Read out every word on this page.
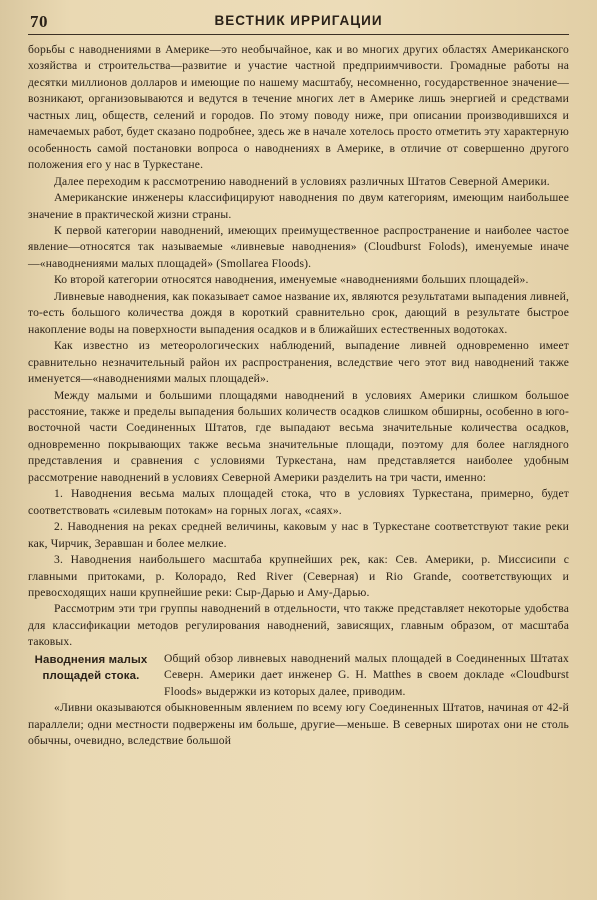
70	ВЕСТНИК ИРРИГАЦИИ

борьбы с наводнениями в Америке—это необычайное, как и во многих других областях Американского хозяйства и строительства—развитие и участие частной предприимчивости. Громадные работы на десятки миллионов долларов и имеющие по нашему масштабу, несомненно, государственное значение—возникают, организовываются и ведутся в течение многих лет в Америке лишь энергией и средствами частных лиц, обществ, селений и городов. По этому поводу ниже, при описании производившихся и намечаемых работ, будет сказано подробнее, здесь же в начале хотелось просто отметить эту характерную особенность самой постановки вопроса о наводнениях в Америке, в отличие от совершенно другого положения его у нас в Туркестане.

Далее переходим к рассмотрению наводнений в условиях различных Штатов Северной Америки.

Американские инженеры классифицируют наводнения по двум категориям, имеющим наибольшее значение в практической жизни страны.

К первой категории наводнений, имеющих преимущественное распространение и наиболее частое явление—относятся так называемые «ливневые наводнения» (Cloudburst Folods), именуемые иначе—«наводнениями малых площадей» (Smollarea Floods).

Ко второй категории относятся наводнения, именуемые «наводнениями больших площадей».

Ливневые наводнения, как показывает самое название их, являются результатами выпадения ливней, то-есть большого количества дождя в короткий сравнительно срок, дающий в результате быстрое накопление воды на поверхности выпадения осадков и в ближайших естественных водотоках.

Как известно из метеорологических наблюдений, выпадение ливней одновременно имеет сравнительно незначительный район их распространения, вследствие чего этот вид наводнений также именуется—«наводнениями малых площадей».

Между малыми и большими площадями наводнений в условиях Америки слишком большое расстояние, также и пределы выпадения больших количеств осадков слишком обширны, особенно в юго-восточной части Соединенных Штатов, где выпадают весьма значительные количества осадков, одновременно покрывающих также весьма значительные площади, поэтому для более наглядного представления и сравнения с условиями Туркестана, нам представляется наиболее удобным рассмотрение наводнений в условиях Северной Америки разделить на три части, именно:

1. Наводнения весьма малых площадей стока, что в условиях Туркестана, примерно, будет соответствовать «силевым потокам» на горных логах, «саях».

2. Наводнения на реках средней величины, каковым у нас в Туркестане соответствуют такие реки как, Чирчик, Зеравшан и более мелкие.

3. Наводнения наибольшего масштаба крупнейших рек, как: Сев. Америки, р. Миссисипи с главными притоками, р. Колорадо, Red River (Северная) и Rio Grande, соответствующих и превосходящих наши крупнейшие реки: Сыр-Дарью и Аму-Дарью.

Рассмотрим эти три группы наводнений в отдельности, что также представляет некоторые удобства для классификации методов регулирования наводнений, зависящих, главным образом, от масштаба таковых.

Наводнения малых
площадей стока.
Общий обзор ливневых наводнений малых площадей в Соединенных Штатах Северн. Америки дает инженер G. H. Matthes в своем докладе «Cloudburst Floods» выдержки из которых далее, приводим.

«Ливни оказываются обыкновенным явлением по всему югу Соединенных Штатов, начиная от 42-й параллели; одни местности подвержены им больше, другие—меньше. В северных широтах они не столь обычны, очевидно, вследствие большой
